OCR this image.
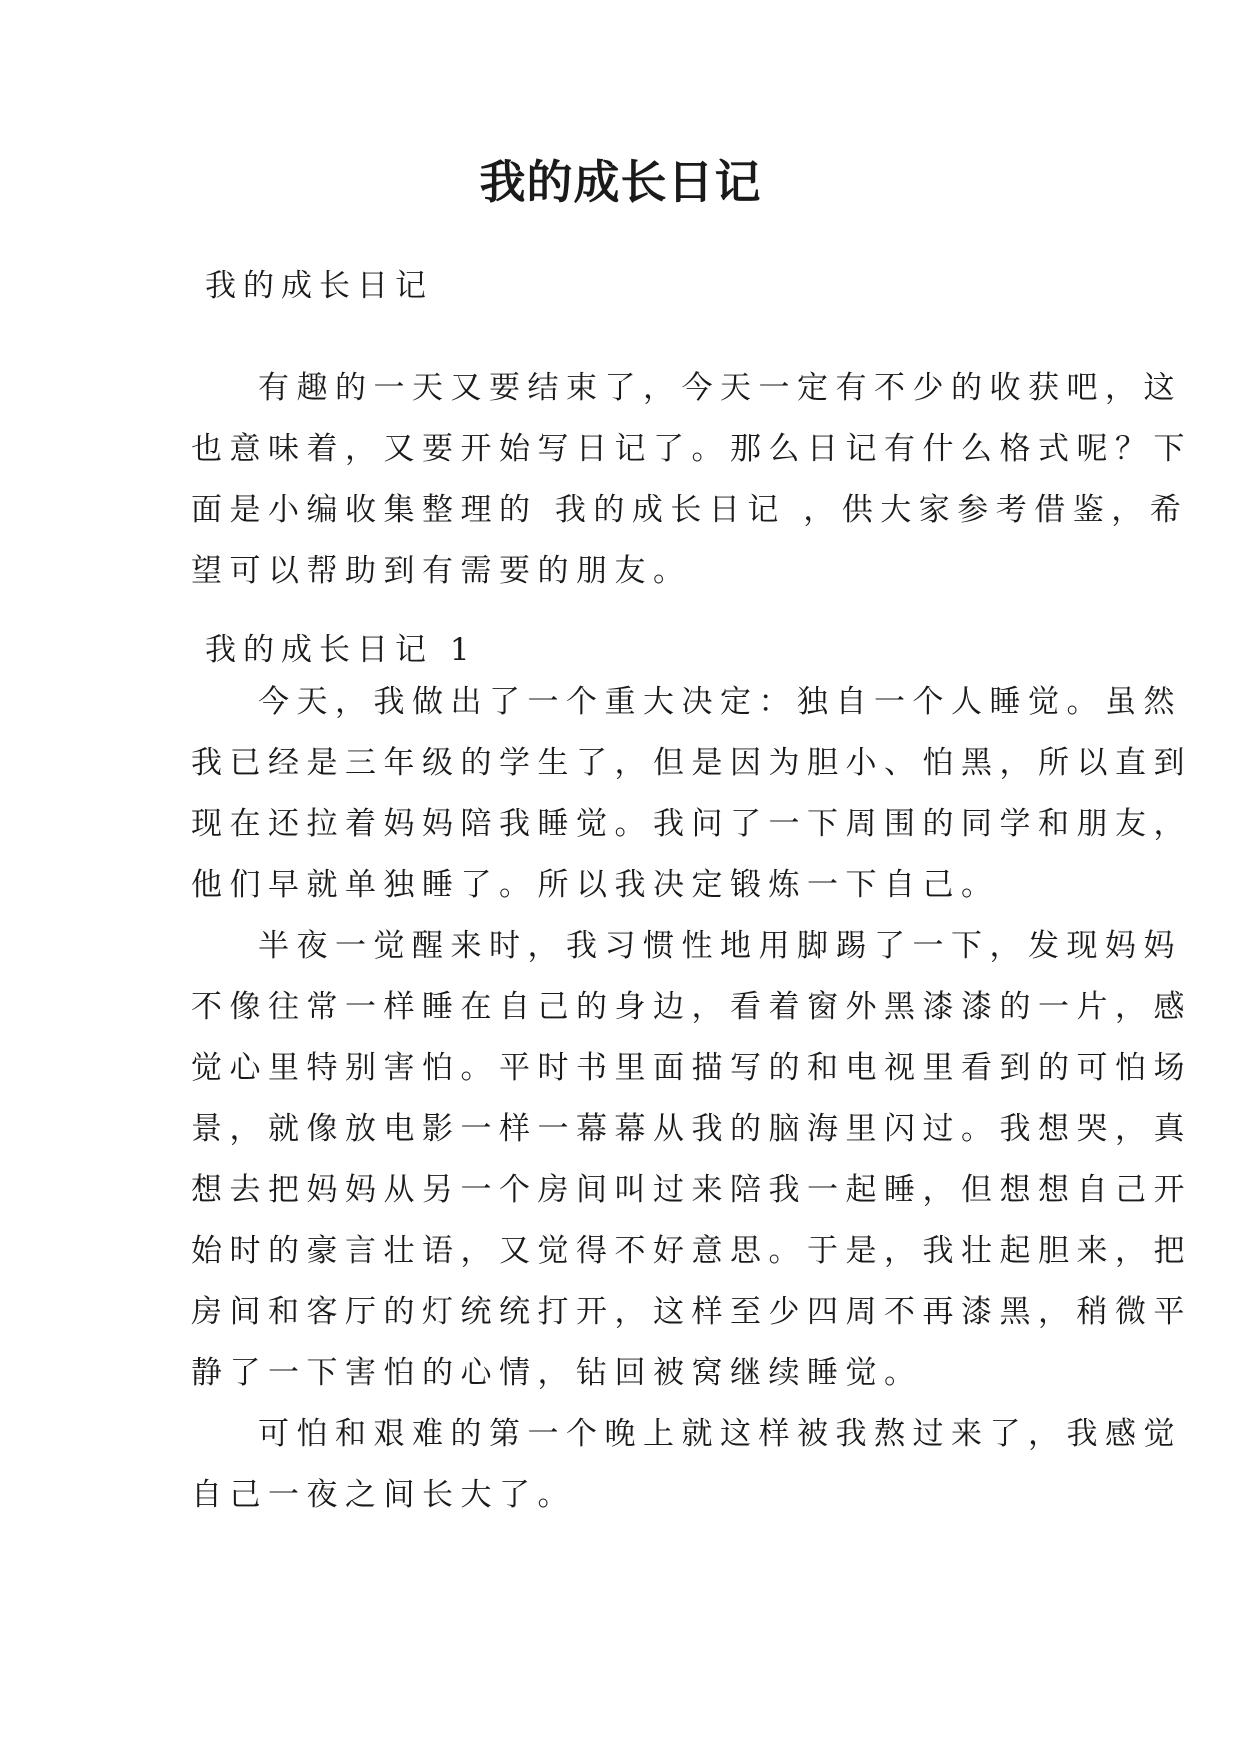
我的成长日记

我的成长日记

有趣的一天又要结束了，今天一定有不少的收获吧，这
也意味着，又要开始写日记了。那么日记有什么格式呢？下
面是小编收集整理的 我的成长日记 ，供大家参考借鉴，希
望可以帮助到有需要的朋友。

我的成长日记 1

今天，我做出了一个重大决定：独自一个人睡觉。虽然
我已经是三年级的学生了，但是因为胆小、怕黑，所以直到
现在还拉着妈妈陪我睡觉。我问了一下周围的同学和朋友，
他们早就单独睡了。所以我决定锻炼一下自己。

半夜一觉醒来时，我习惯性地用脚踢了一下，发现妈妈
不像往常一样睡在自己的身边，看着窗外黑漆漆的一片，感
觉心里特别害怕。平时书里面描写的和电视里看到的可怕场
景，就像放电影一样一幕幕从我的脑海里闪过。我想哭，真
想去把妈妈从另一个房间叫过来陪我一起睡，但想想自己开
始时的豪言壮语，又觉得不好意思。于是，我壮起胆来，把
房间和客厅的灯统统打开，这样至少四周不再漆黑，稍微平
静了一下害怕的心情，钻回被窝继续睡觉。

可怕和艰难的第一个晚上就这样被我熬过来了，我感觉
自己一夜之间长大了。
